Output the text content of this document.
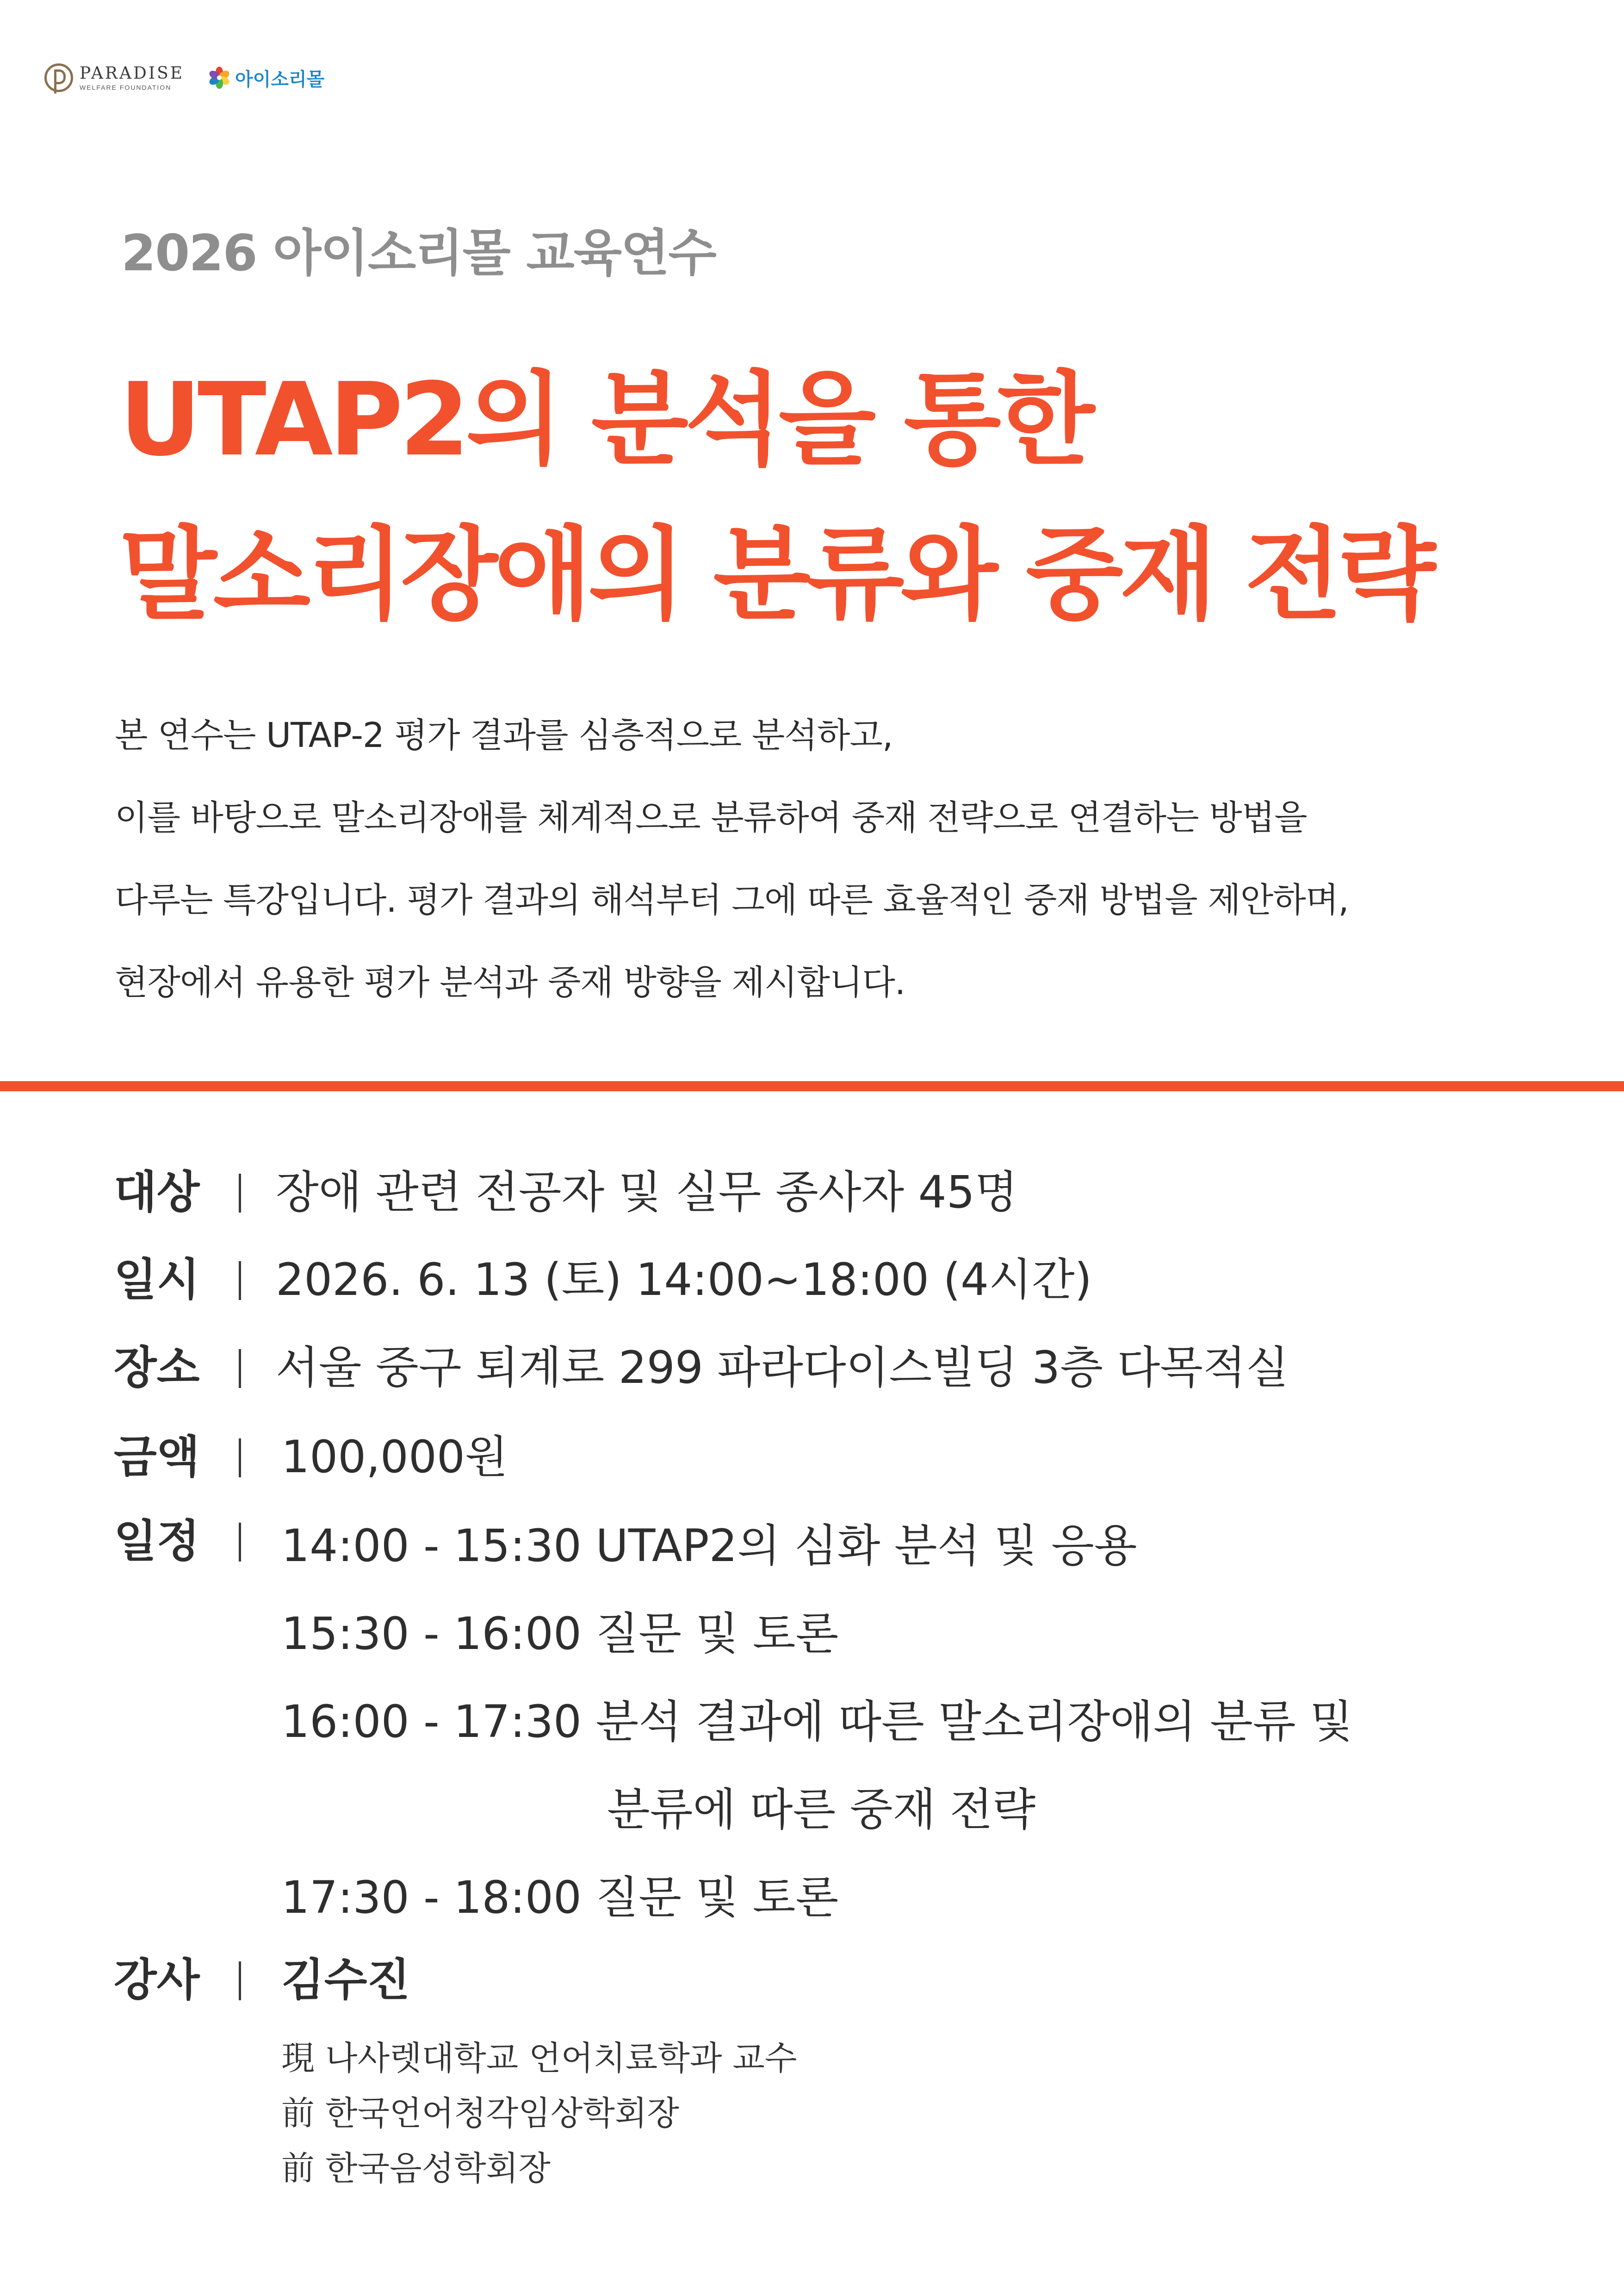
PARADISE
WELFARE FOUNDATION	아이소리몰
2026 아이소리몰 교육연수
UTAP2의 분석을 통한
말소리장애의 분류와 중재 전략
본 연수는 UTAP-2 평가 결과를 심층적으로 분석하고,
이를 바탕으로 말소리장애를 체계적으로 분류하여 중재 전략으로 연결하는 방법을
다루는 특강입니다. 평가 결과의 해석부터 그에 따른 효율적인 중재 방법을 제안하며,
현장에서 유용한 평가 분석과 중재 방향을 제시합니다.
대상 장애 관련 전공자 및 실무 종사자 45명
일시 2026. 6. 13 (토) 14:00~18:00 (4시간)
장소 서울 중구 퇴계로 299 파라다이스빌딩 3층 다목적실
금액 100,000원
일정 14:00 - 15:30 UTAP2의 심화 분석 및 응용
15:30 - 16:00 질문 및 토론
16:00 - 17:30 분석 결과에 따른 말소리장애의 분류 및
분류에 따른 중재 전략
17:30 - 18:00 질문 및 토론
강사 김수진
現 나사렛대학교 언어치료학과 교수
前 한국언어청각임상학회장
前 한국음성학회장
